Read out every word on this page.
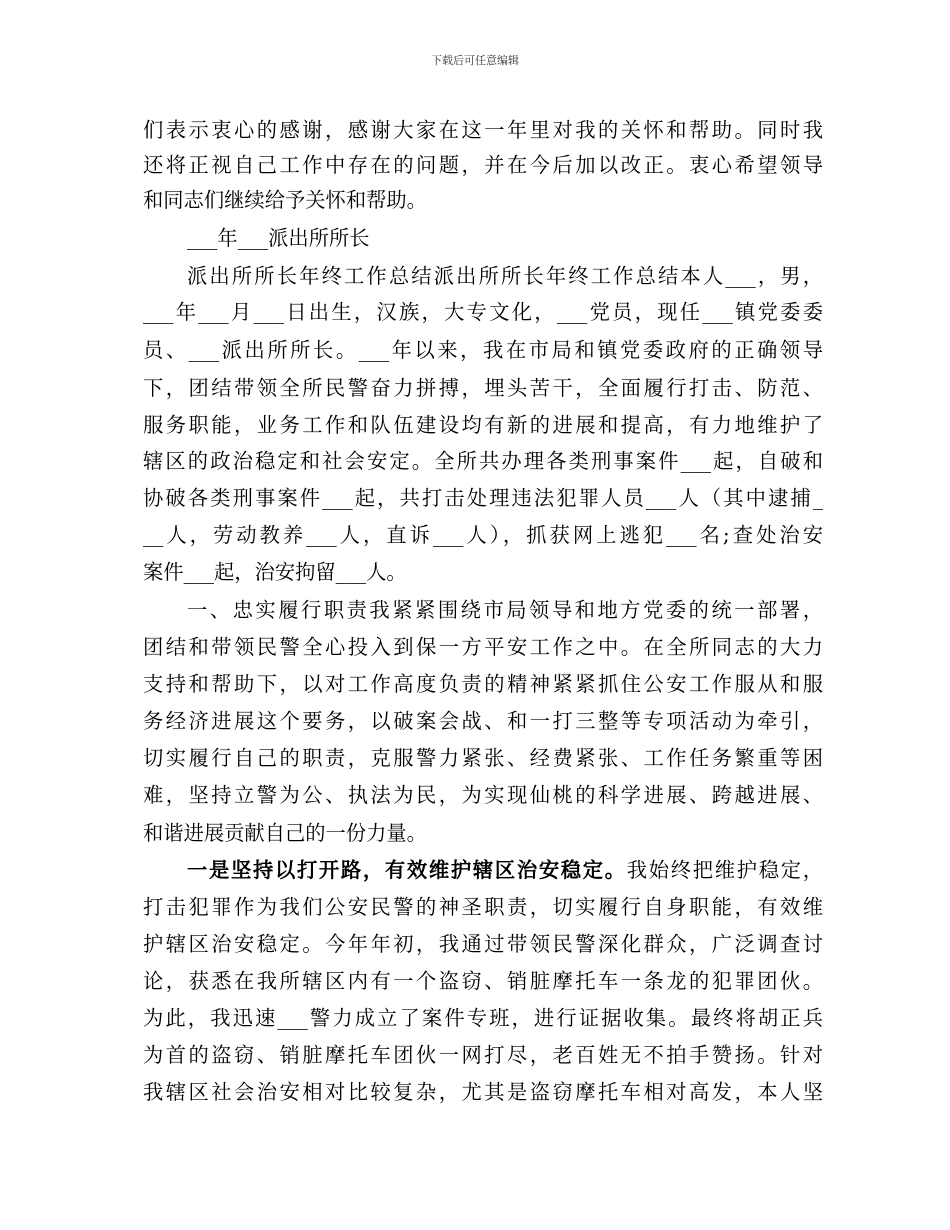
下载后可任意编辑
们表示衷心的感谢，感谢大家在这一年里对我的关怀和帮助。同时我
还将正视自己工作中存在的问题，并在今后加以改正。衷心希望领导
和同志们继续给予关怀和帮助。
___年___派出所所长
派出所所长年终工作总结派出所所长年终工作总结本人___，男，
___年___月___日出生，汉族，大专文化，___党员，现任___镇党委委
员、___派出所所长。___年以来，我在市局和镇党委政府的正确领导
下，团结带领全所民警奋力拼搏，埋头苦干，全面履行打击、防范、
服务职能，业务工作和队伍建设均有新的进展和提高，有力地维护了
辖区的政治稳定和社会安定。全所共办理各类刑事案件___起，自破和
协破各类刑事案件___起，共打击处理违法犯罪人员___人（其中逮捕_
__人，劳动教养___人，直诉___人），抓获网上逃犯___名;查处治安
案件___起，治安拘留___人。
一、忠实履行职责我紧紧围绕市局领导和地方党委的统一部署，
团结和带领民警全心投入到保一方平安工作之中。在全所同志的大力
支持和帮助下，以对工作高度负责的精神紧紧抓住公安工作服从和服
务经济进展这个要务，以破案会战、和一打三整等专项活动为牵引，
切实履行自己的职责，克服警力紧张、经费紧张、工作任务繁重等困
难，坚持立警为公、执法为民，为实现仙桃的科学进展、跨越进展、
和谐进展贡献自己的一份力量。
一是坚持以打开路，有效维护辖区治安稳定。我始终把维护稳定，
打击犯罪作为我们公安民警的神圣职责，切实履行自身职能，有效维
护辖区治安稳定。今年年初，我通过带领民警深化群众，广泛调查讨
论，获悉在我所辖区内有一个盗窃、销脏摩托车一条龙的犯罪团伙。
为此，我迅速___警力成立了案件专班，进行证据收集。最终将胡正兵
为首的盗窃、销脏摩托车团伙一网打尽，老百姓无不拍手赞扬。针对
我辖区社会治安相对比较复杂，尤其是盗窃摩托车相对高发，本人坚
